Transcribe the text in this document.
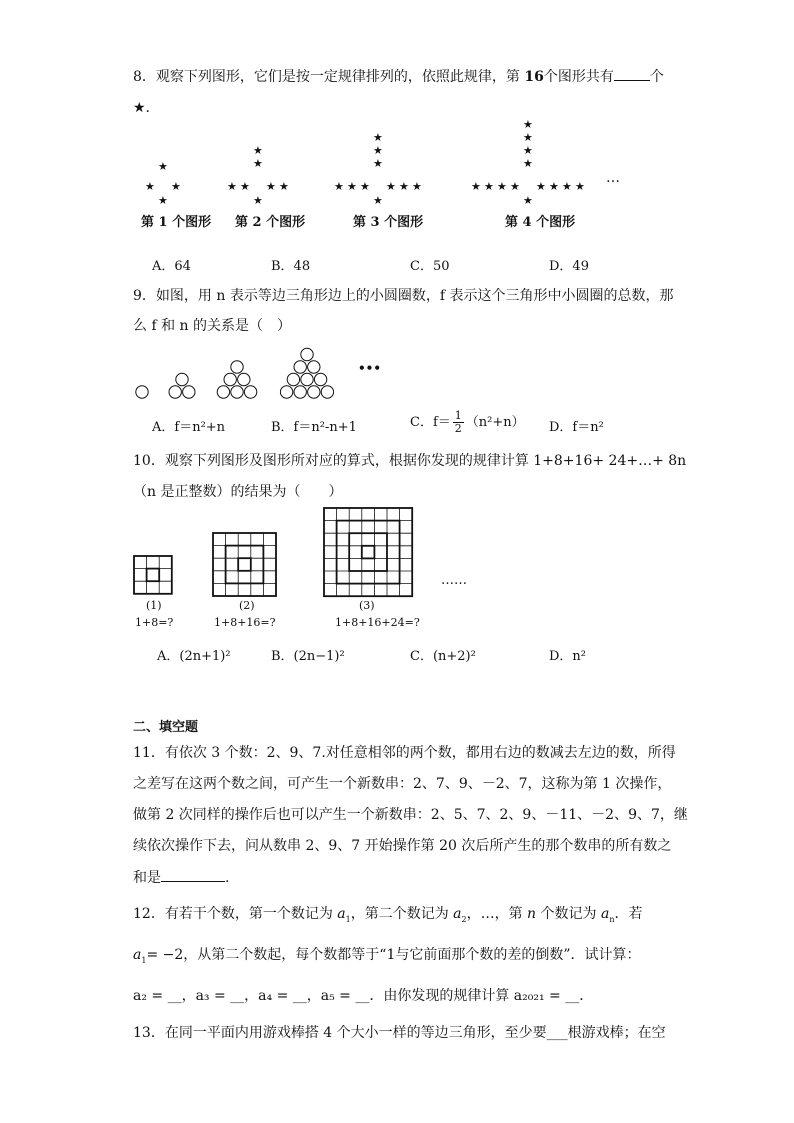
8．观察下列图形，它们是按一定规律排列的，依照此规律，第 16个图形共有	个
★.
★
★ ★
★
★
★
★ ★
★	★
★
★
★
★
★ ★
★	★
★	★
★
★
★
★
★
★ ★
★	★
★	★
★	★
★
…
第 1 个图形 第 2 个图形	第 3 个图形	第 4 个图形
A．64	B．48	C．50	D．49
9．如图，用 n 表示等边三角形边上的小圆圈数，f 表示这个三角形中小圆圈的总数，那
么 f 和 n 的关系是（　）
•••
A．f＝n²+n	B．f＝n²-n+1	C．$f= \frac{1}{2} (n^2+n)$ D．f＝n²
10．观察下列图形及图形所对应的算式，根据你发现的规律计算 1+8+16+ 24+…+ 8n
（n 是正整数）的结果为（　　）
……
(1)	(2)	(3)
1+8=?	1+8+16=?	1+8+16+24=?
A．(2n+1)²	B．(2n−1)²	C．(n+2)²	D．n²
二、填空题
11．有依次 3 个数：2、9、7.对任意相邻的两个数，都用右边的数减去左边的数，所得
之差写在这两个数之间，可产生一个新数串：2、7、9、－2、7，这称为第 1 次操作，
做第 2 次同样的操作后也可以产生一个新数串：2、5、7、2、9、－11、－2、9、7，继
续依次操作下去，问从数串 2、9、7 开始操作第 20 次后所产生的那个数串的所有数之
和是	.
12．有若干个数，第一个数记为 $a_1$，第二个数记为 $a_2$，…，第 n 个数记为 $a_n$．若
$a_1= -2$，从第二个数起，每个数都等于“1与它前面那个数的差的倒数”．试计算：
a₂ = __，a₃ = __，a₄ = __，a₅ = __．由你发现的规律计算 a₂₀₂₁ = __．
13．在同一平面内用游戏棒搭 4 个大小一样的等边三角形，至少要___根游戏棒；在空
